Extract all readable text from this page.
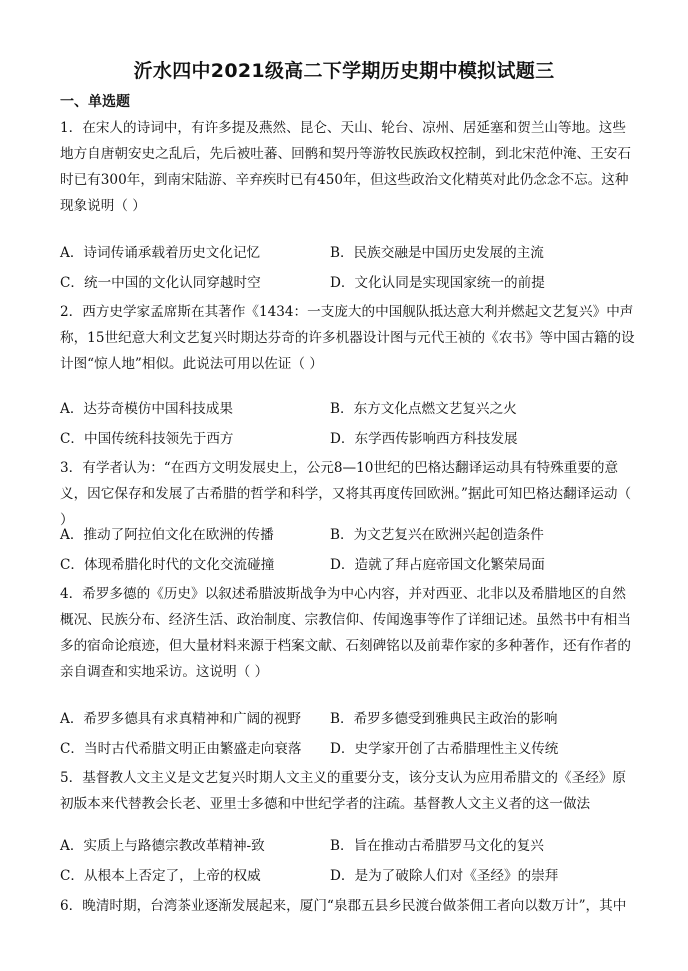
沂水四中2021级高二下学期历史期中模拟试题三
一、单选题

1．在宋人的诗词中，有许多提及燕然、昆仑、天山、轮台、凉州、居延塞和贺兰山等地。这些地方自唐朝安史之乱后，先后被吐蕃、回鹘和契丹等游牧民族政权控制，到北宋范仲淹、王安石时已有300年，到南宋陆游、辛弃疾时已有450年，但这些政治文化精英对此仍念念不忘。这种现象说明（ ）

A．诗词传诵承载着历史文化记忆	B．民族交融是中国历史发展的主流
C．统一中国的文化认同穿越时空	D．文化认同是实现国家统一的前提

2．西方史学家孟席斯在其著作《1434：一支庞大的中国舰队抵达意大利并燃起文艺复兴》中声称，15世纪意大利文艺复兴时期达芬奇的许多机器设计图与元代王祯的《农书》等中国古籍的设计图“惊人地”相似。此说法可用以佐证（ ）

A．达芬奇模仿中国科技成果	B．东方文化点燃文艺复兴之火
C．中国传统科技领先于西方	D．东学西传影响西方科技发展

3．有学者认为：“在西方文明发展史上，公元8—10世纪的巴格达翻译运动具有特殊重要的意义，因它保存和发展了古希腊的哲学和科学，又将其再度传回欧洲。”据此可知巴格达翻译运动（ ）

A．推动了阿拉伯文化在欧洲的传播	B．为文艺复兴在欧洲兴起创造条件
C．体现希腊化时代的文化交流碰撞	D．造就了拜占庭帝国文化繁荣局面

4．希罗多德的《历史》以叙述希腊波斯战争为中心内容，并对西亚、北非以及希腊地区的自然概况、民族分布、经济生活、政治制度、宗教信仰、传闻逸事等作了详细记述。虽然书中有相当多的宿命论痕迹，但大量材料来源于档案文献、石刻碑铭以及前辈作家的多种著作，还有作者的亲自调查和实地采访。这说明（ ）

A．希罗多德具有求真精神和广阔的视野 B．希罗多德受到雅典民主政治的影响
C．当时古代希腊文明正由繁盛走向衰落 D．史学家开创了古希腊理性主义传统

5．基督教人文主义是文艺复兴时期人文主义的重要分支，该分支认为应用希腊文的《圣经》原初版本来代替教会长老、亚里士多德和中世纪学者的注疏。基督教人文主义者的这一做法

A．实质上与路德宗教改革精神-致	B．旨在推动古希腊罗马文化的复兴
C．从根本上否定了，上帝的权威	D．是为了破除人们对《圣经》的崇拜

6．晚清时期，台湾茶业逐渐发展起来，厦门“泉郡五县乡民渡台做茶佣工者向以数万计”，其中
